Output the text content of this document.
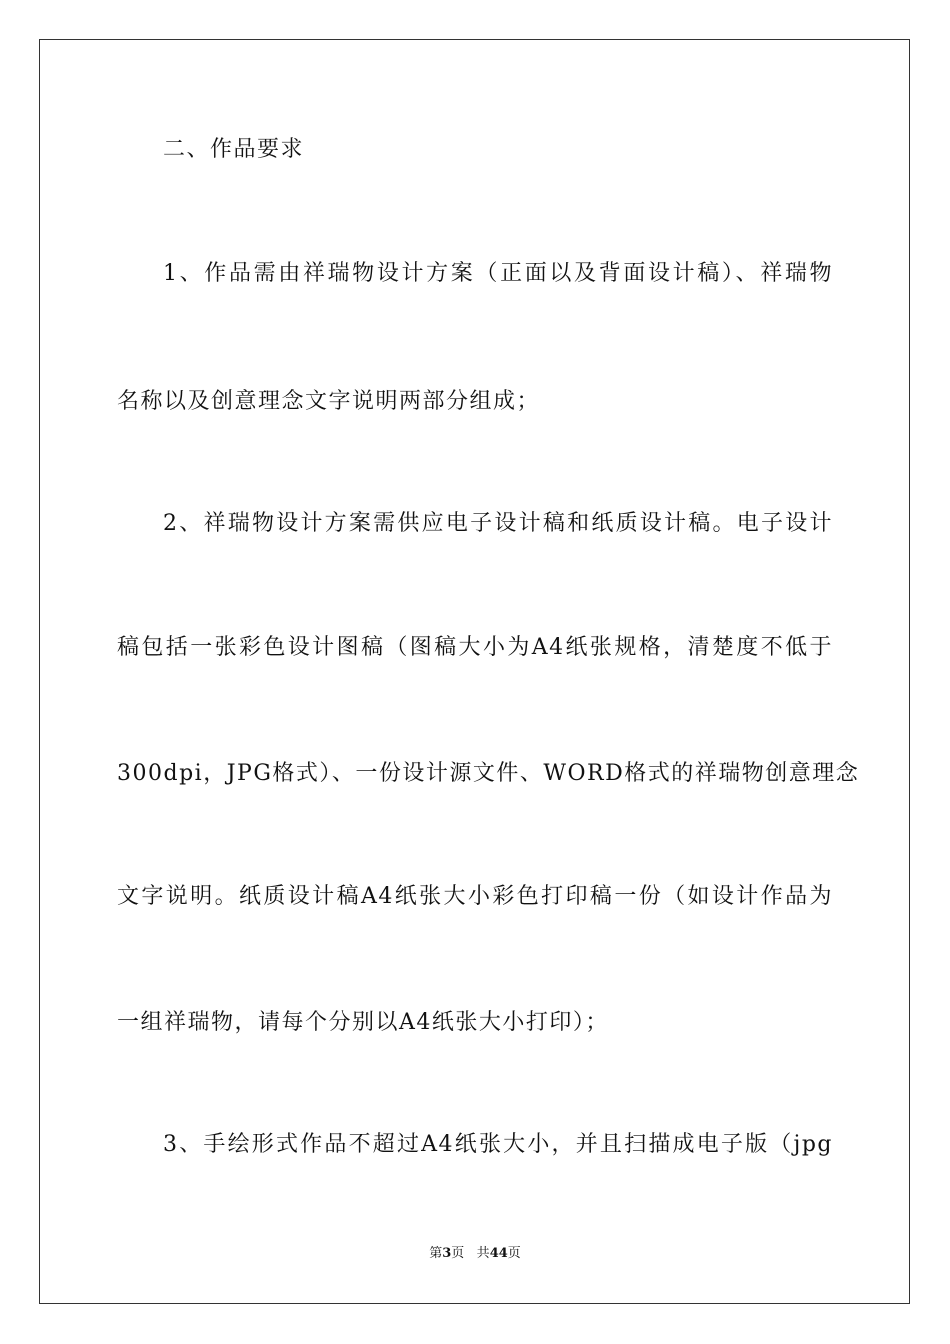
二、作品要求
1、作品需由祥瑞物设计方案（正面以及背面设计稿）、祥瑞物
名称以及创意理念文字说明两部分组成；
2、祥瑞物设计方案需供应电子设计稿和纸质设计稿。电子设计
稿包括一张彩色设计图稿（图稿大小为A4纸张规格，清楚度不低于
300dpi，JPG格式）、一份设计源文件、WORD格式的祥瑞物创意理念
文字说明。纸质设计稿A4纸张大小彩色打印稿一份（如设计作品为
一组祥瑞物，请每个分别以A4纸张大小打印）；
3、手绘形式作品不超过A4纸张大小，并且扫描成电子版（jpg
第3页 共44页
